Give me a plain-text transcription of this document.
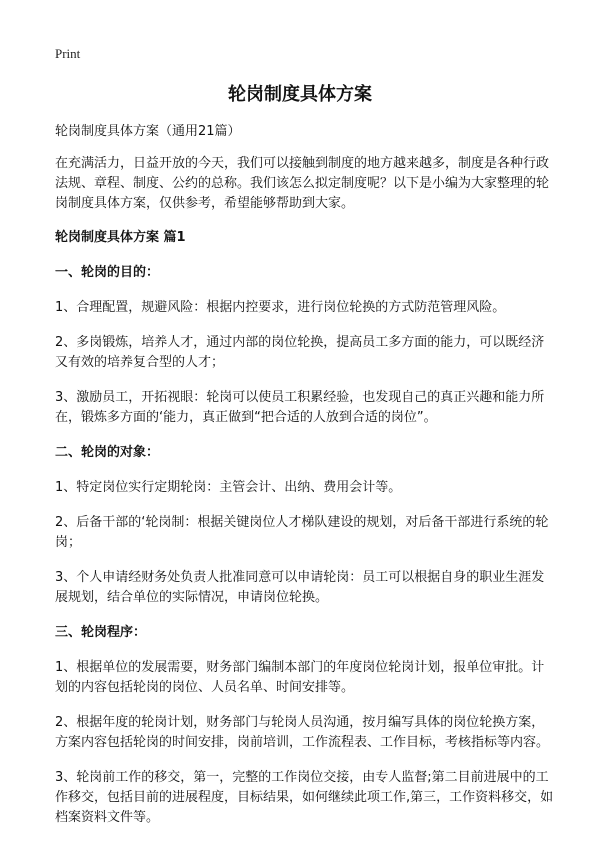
Print
轮岗制度具体方案

轮岗制度具体方案（通用21篇）

在充满活力，日益开放的今天，我们可以接触到制度的地方越来越多，制度是各种行政法规、章程、制度、公约的总称。我们该怎么拟定制度呢？以下是小编为大家整理的轮岗制度具体方案，仅供参考，希望能够帮助到大家。

轮岗制度具体方案 篇1

一、轮岗的目的：

1、合理配置，规避风险：根据内控要求，进行岗位轮换的方式防范管理风险。

2、多岗锻炼，培养人才，通过内部的岗位轮换，提高员工多方面的能力，可以既经济又有效的培养复合型的人才；

3、激励员工，开拓视眼：轮岗可以使员工积累经验，也发现自己的真正兴趣和能力所在，锻炼多方面的‘能力，真正做到“把合适的人放到合适的岗位”。

二、轮岗的对象：

1、特定岗位实行定期轮岗：主管会计、出纳、费用会计等。

2、后备干部的‘轮岗制：根据关键岗位人才梯队建设的规划，对后备干部进行系统的轮岗；

3、个人申请经财务处负责人批准同意可以申请轮岗：员工可以根据自身的职业生涯发展规划，结合单位的实际情况，申请岗位轮换。

三、轮岗程序：

1、根据单位的发展需要，财务部门编制本部门的年度岗位轮岗计划，报单位审批。计划的内容包括轮岗的岗位、人员名单、时间安排等。

2、根据年度的轮岗计划，财务部门与轮岗人员沟通，按月编写具体的岗位轮换方案，方案内容包括轮岗的时间安排，岗前培训，工作流程表、工作目标，考核指标等内容。

3、轮岗前工作的移交，第一，完整的工作岗位交接，由专人监督;第二目前进展中的工作移交，包括目前的进展程度，目标结果，如何继续此项工作,第三，工作资料移交，如档案资料文件等。
